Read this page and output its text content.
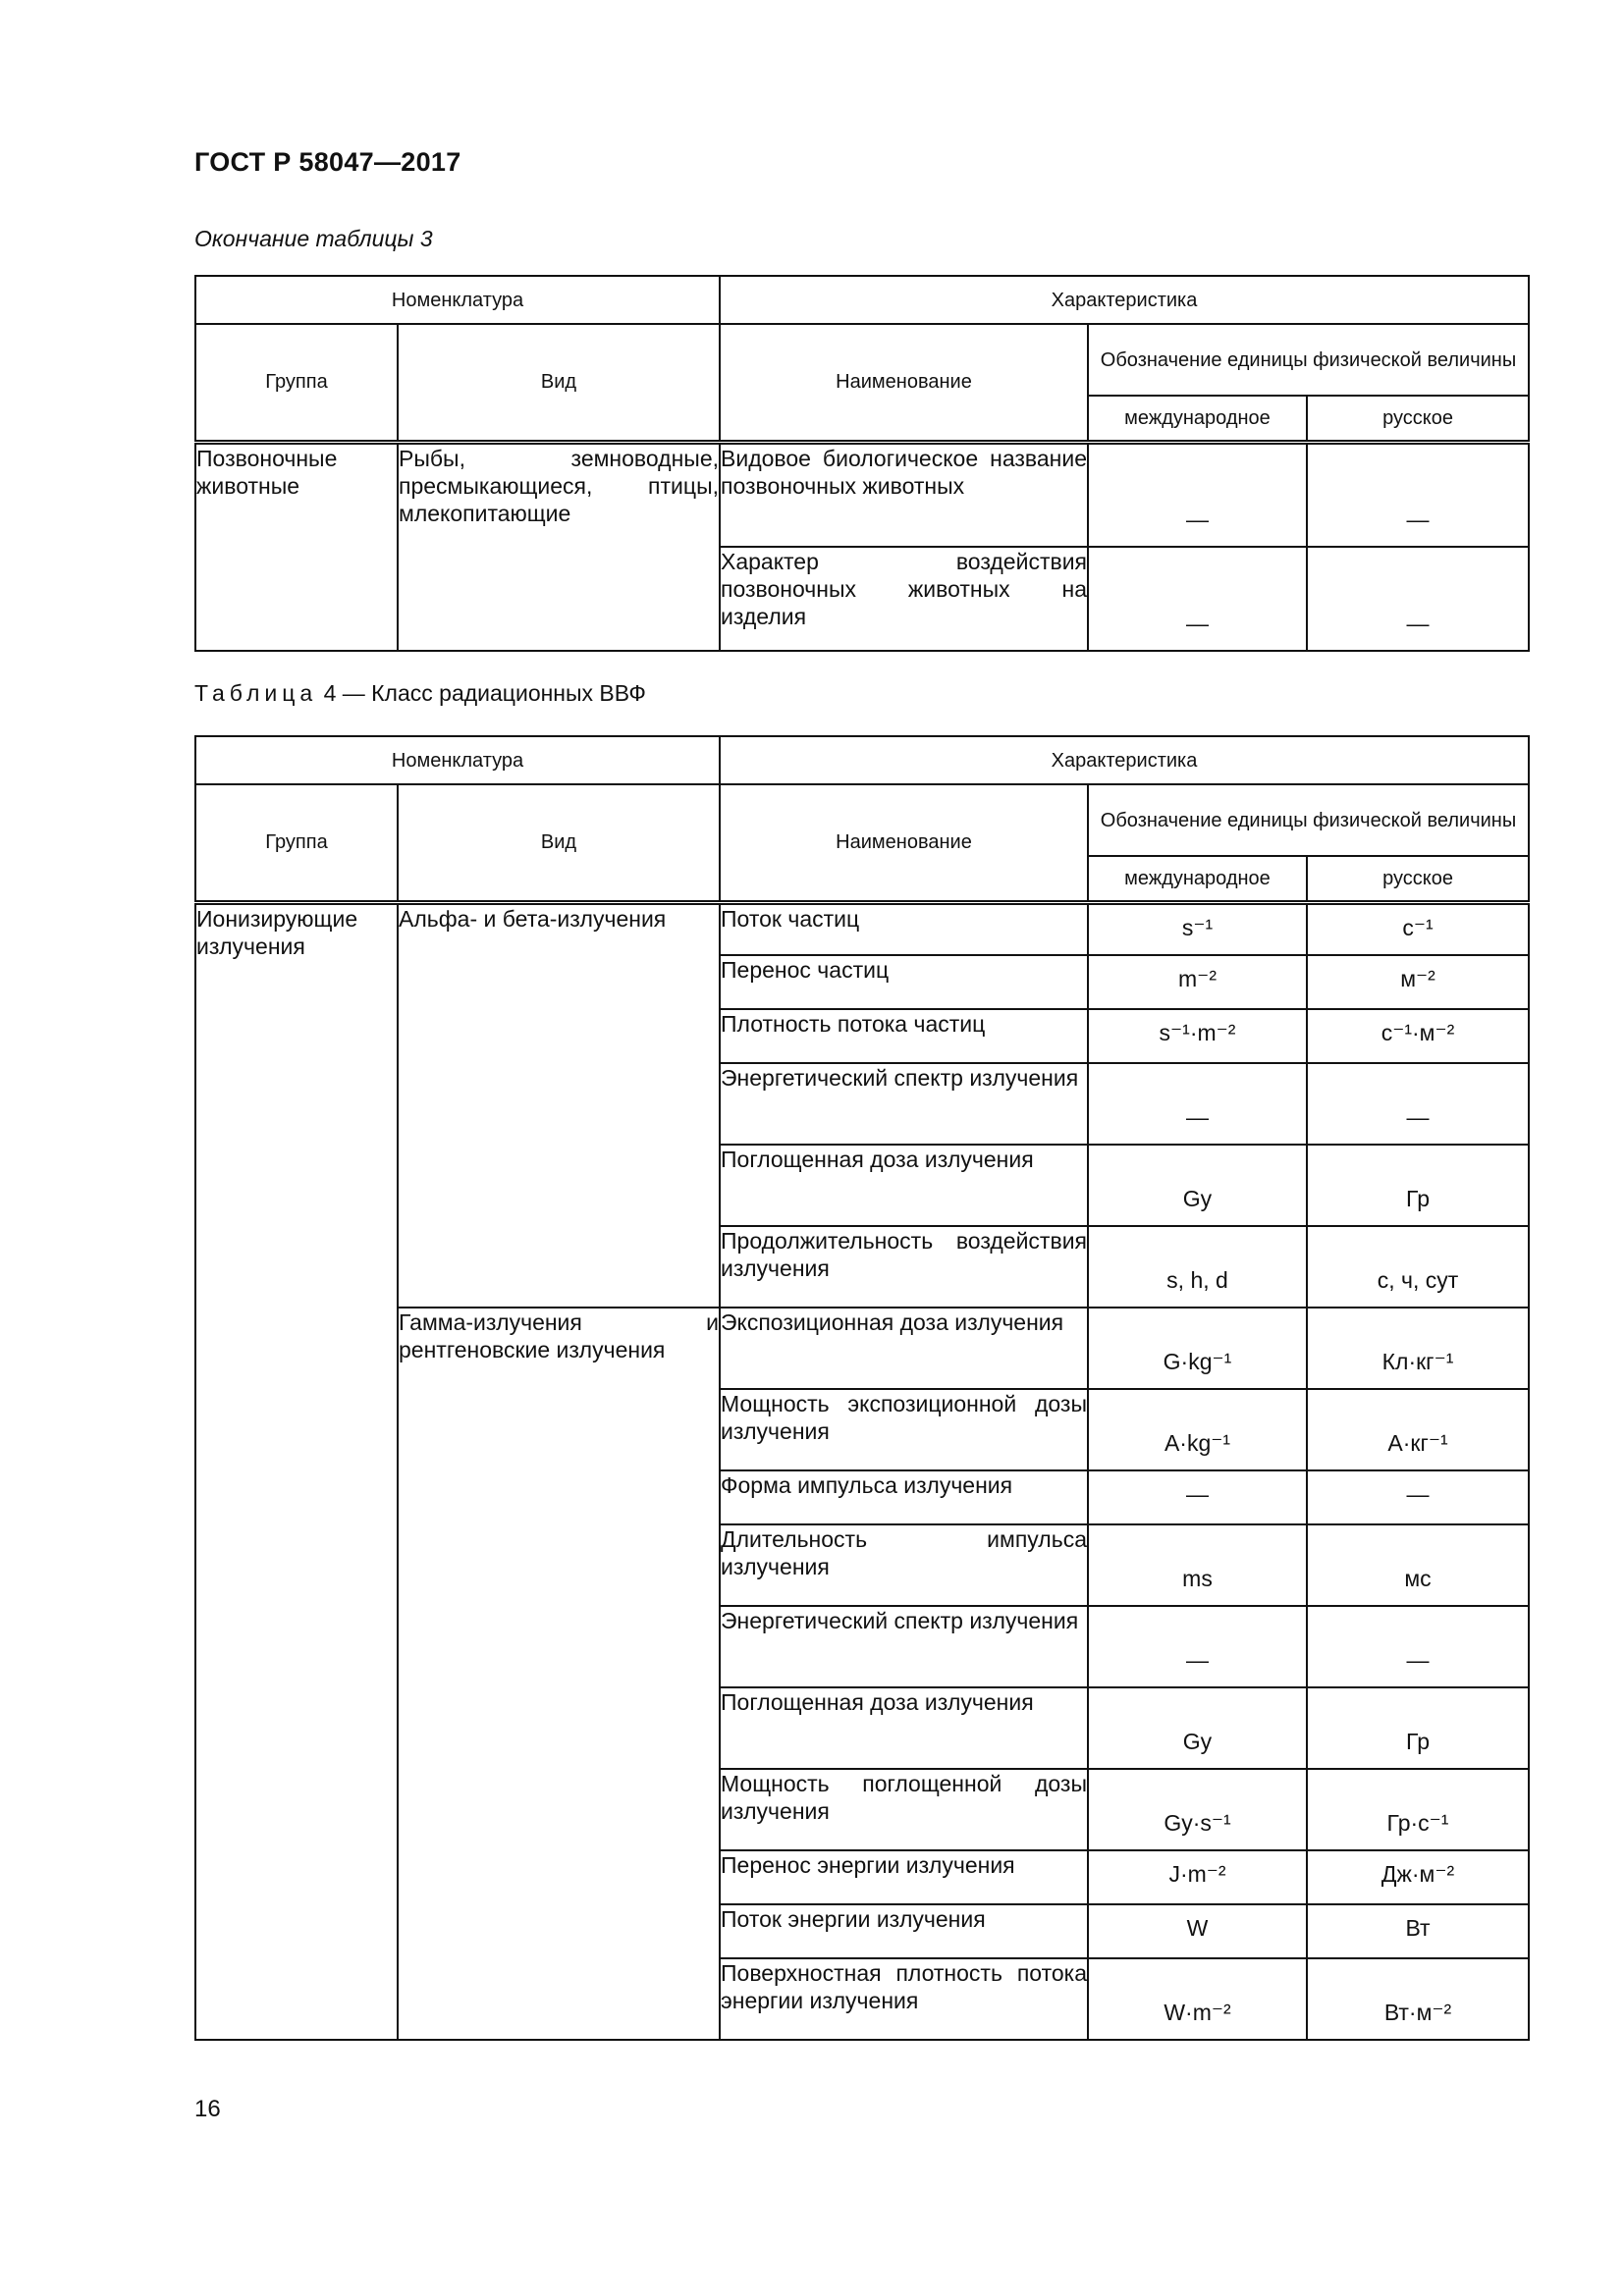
ГОСТ Р 58047—2017
Окончание таблицы 3
Номенклатура		Характеристика		
Группа	Вид	Наименование	Обозначение единицы физической величины	
			международное	русское
Позвоночные животные	Рыбы, земноводные, пресмыкающиеся, птицы, млекопитающие	Видовое биологическое название позвоночных животных	—	—
		Характер воздействия позвоночных животных на изделия	—	—
Таблица 4 — Класс радиационных ВВФ
Номенклатура		Характеристика		
Группа	Вид	Наименование	Обозначение единицы физической величины	
			международное	русское
Ионизирующие излучения	Альфа- и бета-излучения	Поток частиц	s⁻¹	с⁻¹
		Перенос частиц	m⁻²	м⁻²
		Плотность потока частиц	s⁻¹·m⁻²	с⁻¹·м⁻²
		Энергетический спектр излучения	—	—
		Поглощенная доза излучения	Gy	Гр
		Продолжительность воздействия излучения	s, h, d	с, ч, сут
	Гамма-излучения и рентгеновские излучения	Экспозиционная доза излучения	G·kg⁻¹	Кл·кг⁻¹
		Мощность экспозиционной дозы излучения	A·kg⁻¹	А·кг⁻¹
		Форма импульса излучения	—	—
		Длительность импульса излучения	ms	мс
		Энергетический спектр излучения	—	—
		Поглощенная доза излучения	Gy	Гр
		Мощность поглощенной дозы излучения	Gy·s⁻¹	Гр·с⁻¹
		Перенос энергии излучения	J·m⁻²	Дж·м⁻²
		Поток энергии излучения	W	Вт
		Поверхностная плотность потока энергии излучения	W·m⁻²	Вт·м⁻²
16
